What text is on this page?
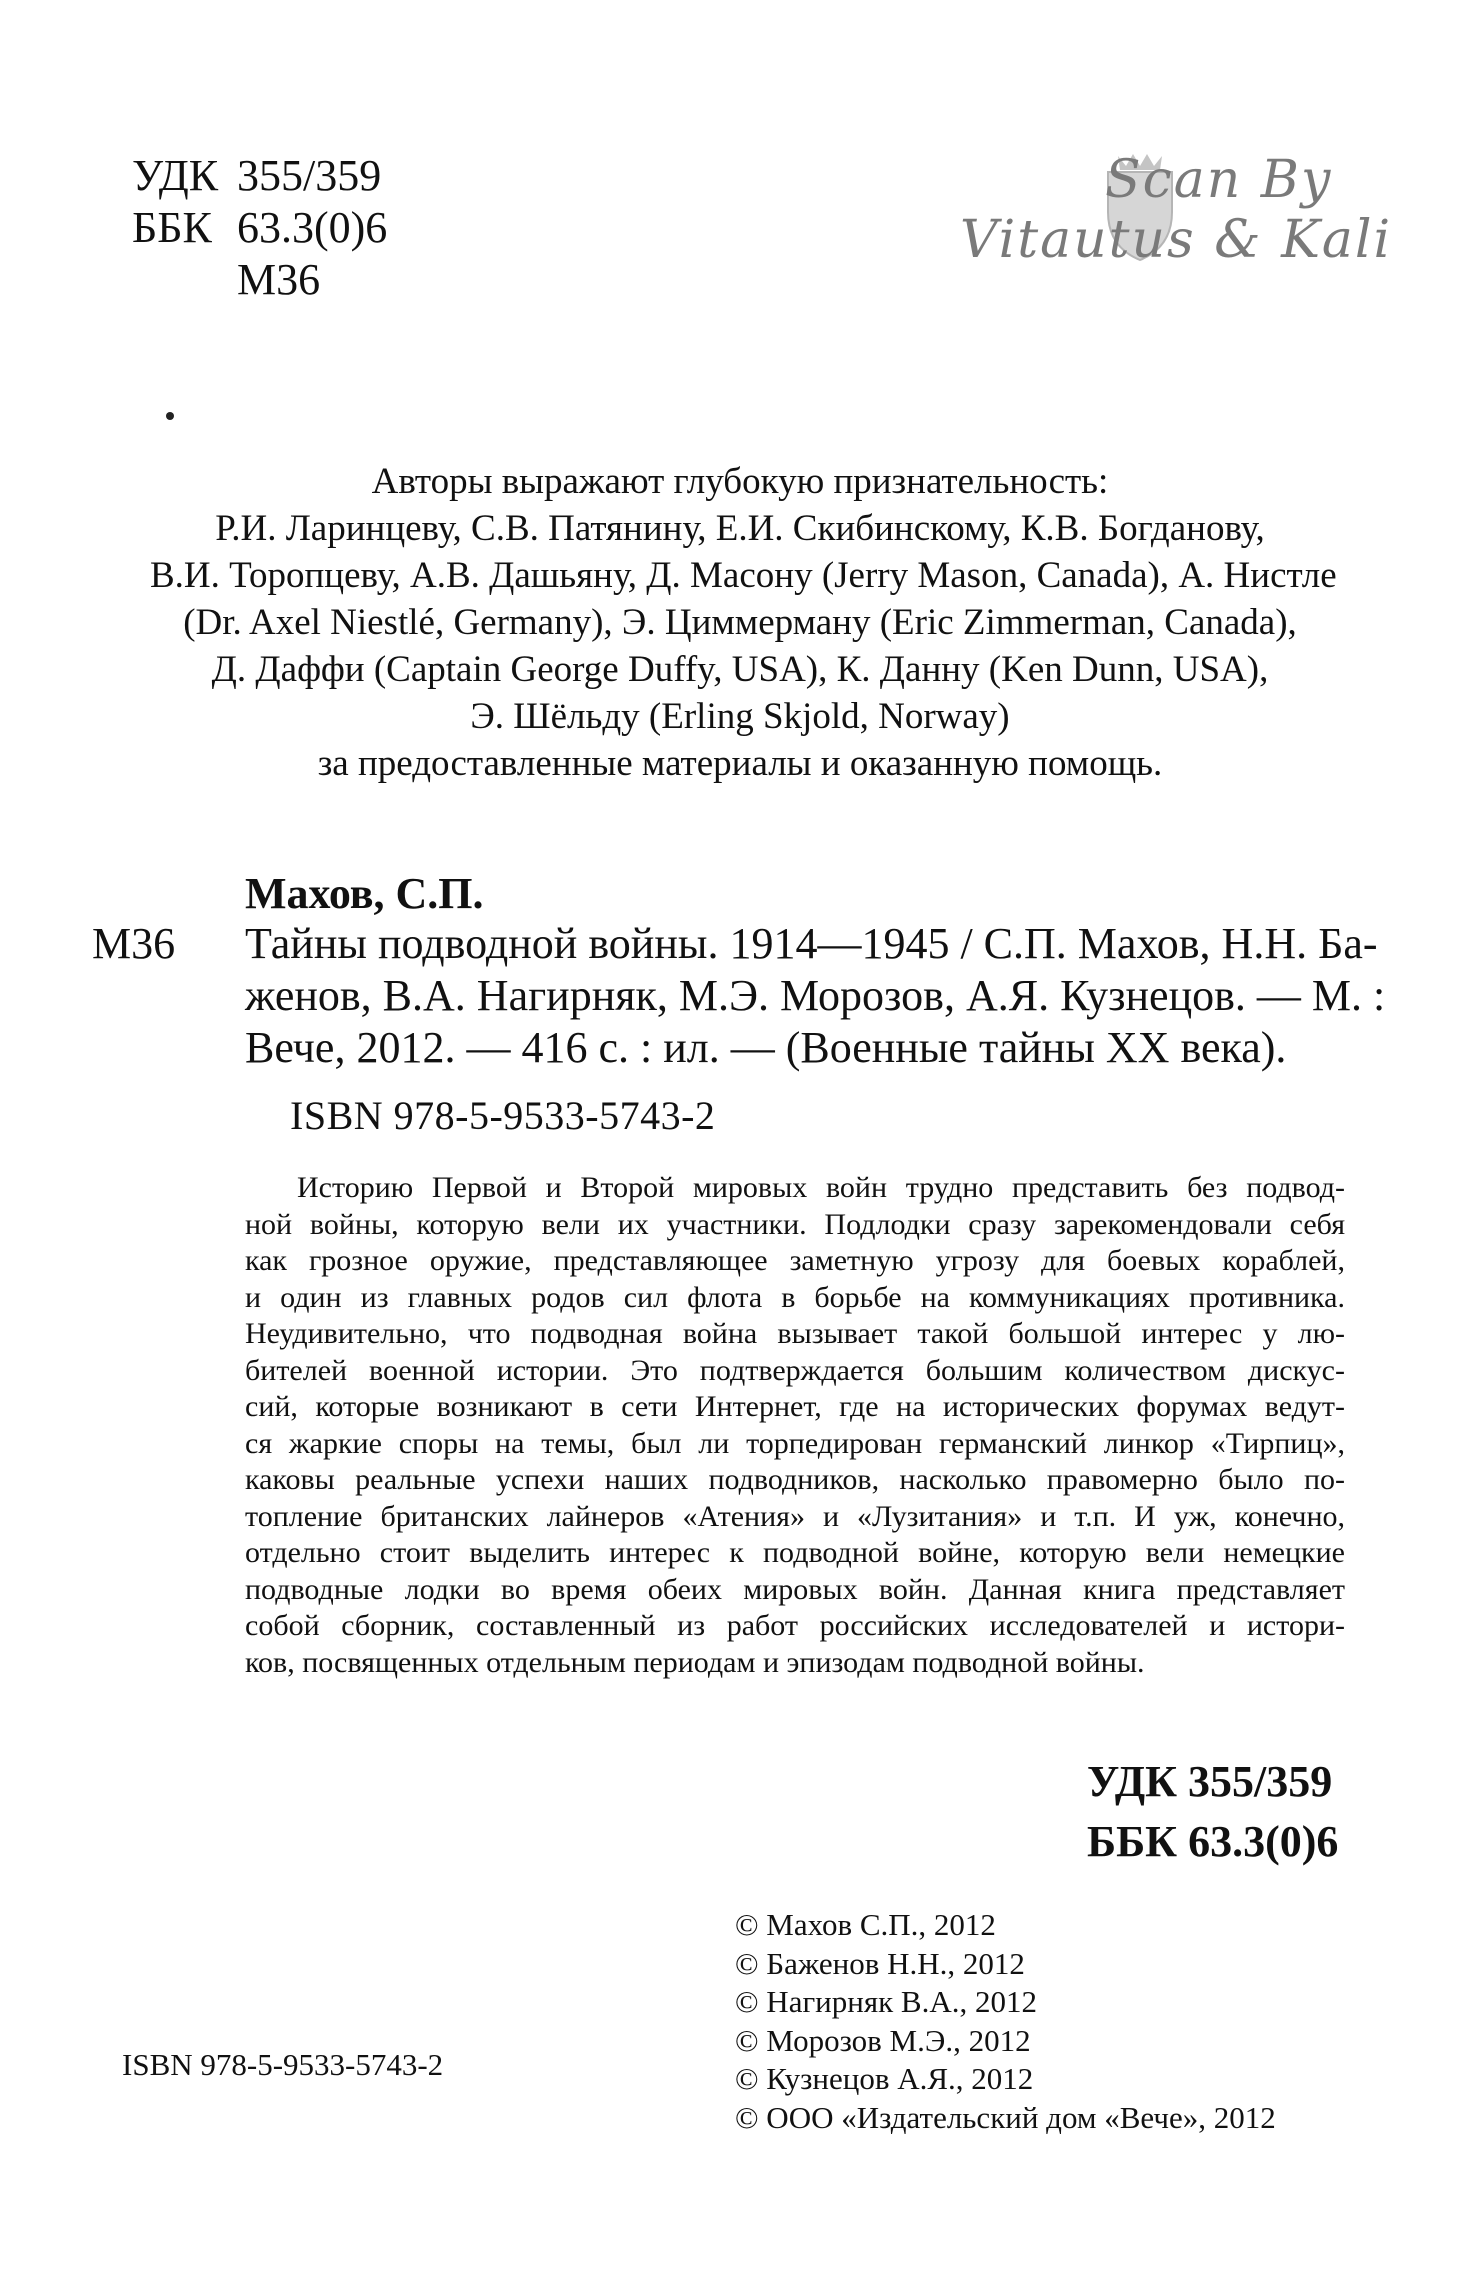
УДК 355/359
ББК 63.3(0)6
М36
Scan By
Vitautus & Kali
Авторы выражают глубокую признательность:
Р.И. Ларинцеву, С.В. Патянину, Е.И. Скибинскому, К.В. Богданову,
В.И. Торопцеву, А.В. Дашьяну, Д. Масону (Jerry Mason, Canada), А. Нистле
(Dr. Axel Niestlé, Germany), Э. Циммерману (Eric Zimmerman, Canada),
Д. Даффи (Captain George Duffy, USA), К. Данну (Ken Dunn, USA),
Э. Шёльду (Erling Skjold, Norway)
за предоставленные материалы и оказанную помощь.
Махов, С.П.
М36 Тайны подводной войны. 1914—1945 / С.П. Махов, Н.Н. Ба-
женов, В.А. Нагирняк, М.Э. Морозов, А.Я. Кузнецов. — М. :
Вече, 2012. — 416 с. : ил. — (Военные тайны XX века).
ISBN 978-5-9533-5743-2
Историю Первой и Второй мировых войн трудно представить без подвод-
ной войны, которую вели их участники. Подлодки сразу зарекомендовали себя
как грозное оружие, представляющее заметную угрозу для боевых кораблей,
и один из главных родов сил флота в борьбе на коммуникациях противника.
Неудивительно, что подводная война вызывает такой большой интерес у лю-
бителей военной истории. Это подтверждается большим количеством дискус-
сий, которые возникают в сети Интернет, где на исторических форумах ведут-
ся жаркие споры на темы, был ли торпедирован германский линкор «Тирпиц»,
каковы реальные успехи наших подводников, насколько правомерно было по-
топление британских лайнеров «Атения» и «Лузитания» и т.п. И уж, конечно,
отдельно стоит выделить интерес к подводной войне, которую вели немецкие
подводные лодки во время обеих мировых войн. Данная книга представляет
собой сборник, составленный из работ российских исследователей и истори-
ков, посвященных отдельным периодам и эпизодам подводной войны.
УДК 355/359
ББК 63.3(0)6
ISBN 978-5-9533-5743-2
© Махов С.П., 2012
© Баженов Н.Н., 2012
© Нагирняк В.А., 2012
© Морозов М.Э., 2012
© Кузнецов А.Я., 2012
© ООО «Издательский дом «Вече», 2012
